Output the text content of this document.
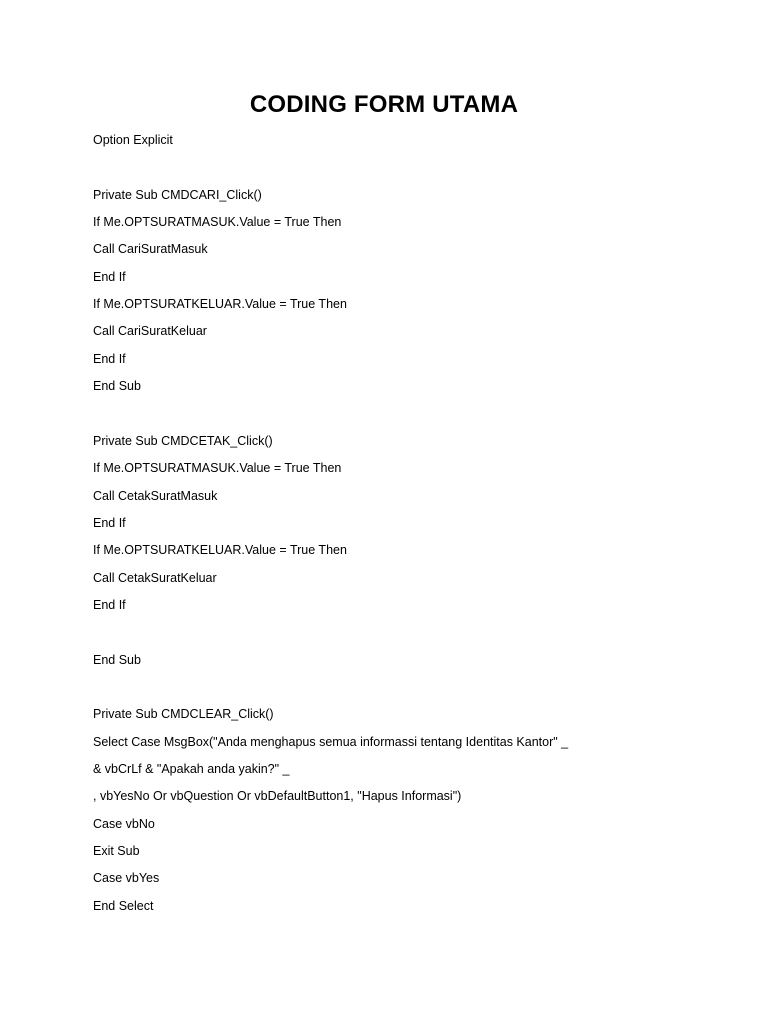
CODING FORM UTAMA
Option Explicit
Private Sub CMDCARI_Click()
If Me.OPTSURATMASUK.Value = True Then
Call CariSuratMasuk
End If
If Me.OPTSURATKELUAR.Value = True Then
Call CariSuratKeluar
End If
End Sub
Private Sub CMDCETAK_Click()
If Me.OPTSURATMASUK.Value = True Then
Call CetakSuratMasuk
End If
If Me.OPTSURATKELUAR.Value = True Then
Call CetakSuratKeluar
End If
End Sub
Private Sub CMDCLEAR_Click()
Select Case MsgBox("Anda menghapus semua informassi tentang Identitas Kantor" _
& vbCrLf & "Apakah anda yakin?" _
, vbYesNo Or vbQuestion Or vbDefaultButton1, "Hapus Informasi")
Case vbNo
Exit Sub
Case vbYes
End Select
